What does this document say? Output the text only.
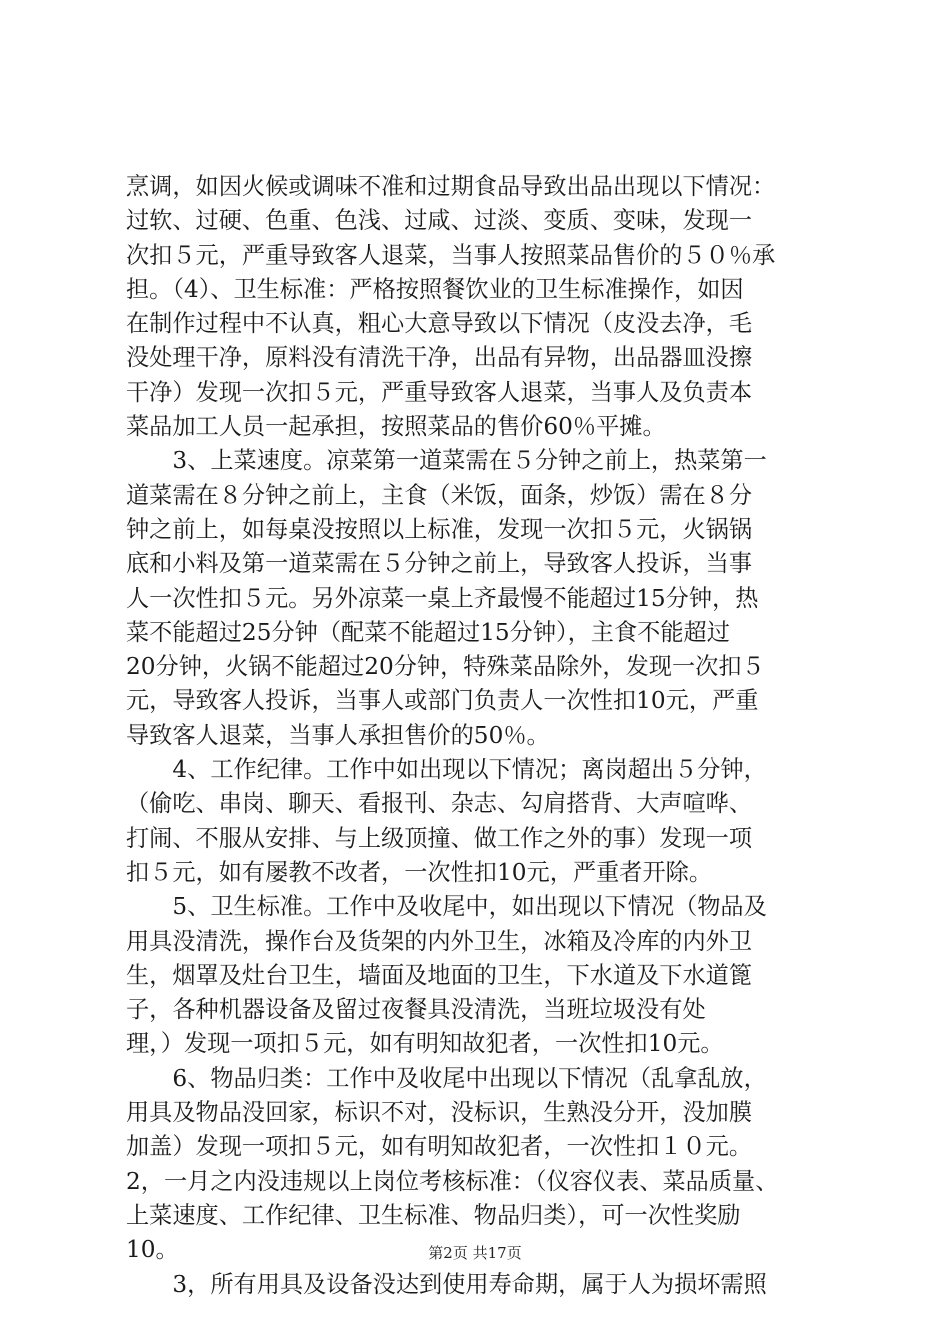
烹调，如因火候或调味不准和过期食品导致出品出现以下情况：
过软、过硬、色重、色浅、过咸、过淡、变质、变味，发现一
次扣５元，严重导致客人退菜，当事人按照菜品售价的５０％承
担。（4）、卫生标准：严格按照餐饮业的卫生标准操作，如因
在制作过程中不认真，粗心大意导致以下情况（皮没去净，毛
没处理干净，原料没有清洗干净，出品有异物，出品器皿没擦
干净）发现一次扣５元，严重导致客人退菜，当事人及负责本
菜品加工人员一起承担，按照菜品的售价60％平摊。
　　3、上菜速度。凉菜第一道菜需在５分钟之前上，热菜第一
道菜需在８分钟之前上，主食（米饭，面条，炒饭）需在８分
钟之前上，如每桌没按照以上标准，发现一次扣５元，火锅锅
底和小料及第一道菜需在５分钟之前上，导致客人投诉，当事
人一次性扣５元。另外凉菜一桌上齐最慢不能超过15分钟，热
菜不能超过25分钟（配菜不能超过15分钟），主食不能超过
20分钟，火锅不能超过20分钟，特殊菜品除外，发现一次扣５
元，导致客人投诉，当事人或部门负责人一次性扣10元，严重
导致客人退菜，当事人承担售价的50％。
　　4、工作纪律。工作中如出现以下情况；离岗超出５分钟，
（偷吃、串岗、聊天、看报刊、杂志、勾肩搭背、大声喧哗、
打闹、不服从安排、与上级顶撞、做工作之外的事）发现一项
扣５元，如有屡教不改者，一次性扣10元，严重者开除。
　　5、卫生标准。工作中及收尾中，如出现以下情况（物品及
用具没清洗，操作台及货架的内外卫生，冰箱及冷库的内外卫
生，烟罩及灶台卫生，墙面及地面的卫生，下水道及下水道篦
子，各种机器设备及留过夜餐具没清洗，当班垃圾没有处
理，）发现一项扣５元，如有明知故犯者，一次性扣10元。
　　6、物品归类：工作中及收尾中出现以下情况（乱拿乱放，
用具及物品没回家，标识不对，没标识，生熟没分开，没加膜
加盖）发现一项扣５元，如有明知故犯者，一次性扣１０元。
2，一月之内没违规以上岗位考核标准：（仪容仪表、菜品质量、
上菜速度、工作纪律、卫生标准、物品归类），可一次性奖励
10。
　　3，所有用具及设备没达到使用寿命期，属于人为损坏需照
第2页 共17页
